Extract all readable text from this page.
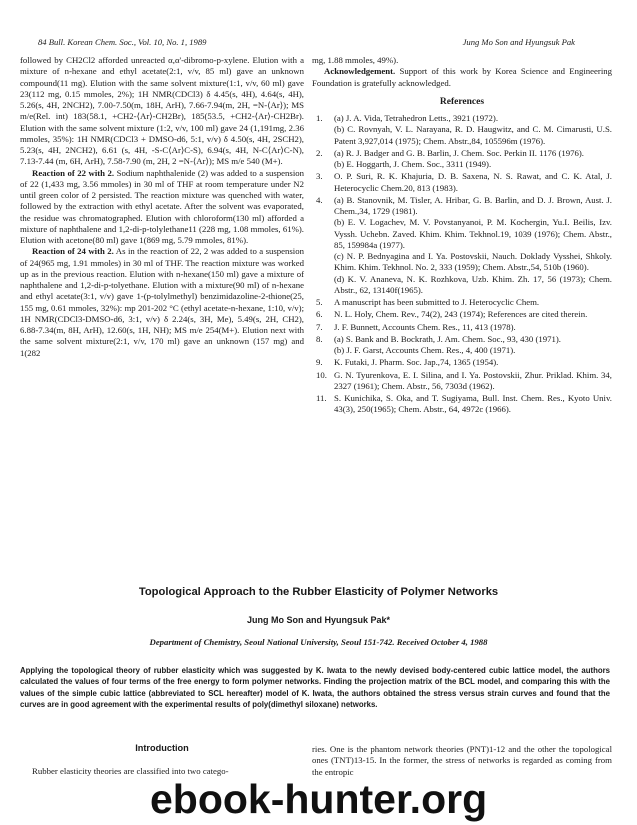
84 Bull. Korean Chem. Soc., Vol. 10, No. 1, 1989	Jung Mo Son and Hyungsuk Pak

followed by CH2Cl2 afforded unreacted α,α'-dibromo-p-xylene. Elution with a mixture of n-hexane and ethyl acetate(2:1, v/v, 85 ml) gave an unknown compound(11 mg). Elution with the same solvent mixture(1:1, v/v, 60 ml) gave 23(112 mg, 0.15 mmoles, 2%); 1H NMR(CDCl3) δ 4.45(s, 4H), 4.64(s, 4H), 5.26(s, 4H, 2NCH2), 7.00-7.50(m, 18H, ArH), 7.66-7.94(m, 2H, =N-⟨Ar⟩); MS m/e(Rel. int) 183(58.1, +CH2-⟨Ar⟩-CH2Br), 185(53.5, +CH2-⟨Ar⟩-CH2Br). Elution with the same solvent mixture (1:2, v/v, 100 ml) gave 24 (1,191mg, 2.36 mmoles, 35%): 1H NMR(CDCl3 + DMSO-d6, 5:1, v/v) δ 4.50(s, 4H, 2SCH2), 5.23(s, 4H, 2NCH2), 6.61 (s, 4H, -S-C⟨Ar⟩C-S), 6.94(s, 4H, N-C⟨Ar⟩C-N), 7.13-7.44 (m, 6H, ArH), 7.58-7.90 (m, 2H, 2 =N-⟨Ar⟩); MS m/e 540 (M+).

Reaction of 22 with 2. Sodium naphthalenide (2) was added to a suspension of 22 (1,433 mg, 3.56 mmoles) in 30 ml of THF at room temperature under N2 until green color of 2 persisted. The reaction mixture was quenched with water, followed by the extraction with ethyl acetate. After the solvent was evaporated, the residue was chromatographed. Elution with chloroform(130 ml) afforded a mixture of naphthalene and 1,2-di-p-tolylethane11 (228 mg, 1.08 mmoles, 61%). Elution with acetone(80 ml) gave 1(869 mg, 5.79 mmoles, 81%).

Reaction of 24 with 2. As in the reaction of 22, 2 was added to a suspension of 24(965 mg, 1.91 mmoles) in 30 ml of THF. The reaction mixture was worked up as in the previous reaction. Elution with n-hexane(150 ml) gave a mixture of naphthalene and 1,2-di-p-tolyethane. Elution with a mixture(90 ml) of n-hexane and ethyl acetate(3:1, v/v) gave 1-(p-tolylmethyl) benzimidazoline-2-thione(25, 155 mg, 0.61 mmoles, 32%): mp 201-202 °C (ethyl acetate-n-hexane, 1:10, v/v); 1H NMR(CDCl3-DMSO-d6, 3:1, v/v) δ 2.24(s, 3H, Me), 5.49(s, 2H, CH2), 6.88-7.34(m, 8H, ArH), 12.60(s, 1H, NH); MS m/e 254(M+). Elution next with the same solvent mixture(2:1, v/v, 170 ml) gave an unknown (157 mg) and 1(282

mg, 1.88 mmoles, 49%).

Acknowledgement. Support of this work by Korea Science and Engineering Foundation is gratefully acknowledged.

References
1. (a) J. A. Vida, Tetrahedron Letts., 3921 (1972).
(b) C. Rovnyah, V. L. Narayana, R. D. Haugwitz, and C. M. Cimarusti, U.S. Patent 3,927,014 (1975); Chem. Abstr.,84, 105596m (1976).
2. (a) R. J. Badger and G. B. Barlin, J. Chem. Soc. Perkin II. 1176 (1976).
(b) E. Hoggarth, J. Chem. Soc., 3311 (1949).
3. O. P. Suri, R. K. Khajuria, D. B. Saxena, N. S. Rawat, and C. K. Atal, J. Heterocyclic Chem.20, 813 (1983).
4. (a) B. Stanovnik, M. Tisler, A. Hribar, G. B. Barlin, and D. J. Brown, Aust. J. Chem.,34, 1729 (1981).
(b) E. V. Logachev, M. V. Povstanyanoi, P. M. Kochergin, Yu.I. Beilis, Izv. Vyssh. Uchebn. Zaved. Khim. Khim. Tekhnol.19, 1039 (1976); Chem. Abstr., 85, 159984a (1977).
(c) N. P. Bednyagina and I. Ya. Postovskii, Nauch. Doklady Vysshei, Shkoly. Khim. Khim. Tekhnol. No. 2, 333 (1959); Chem. Abstr.,54, 510b (1960).
(d) K. V. Ananeva, N. K. Rozhkova, Uzb. Khim. Zh. 17, 56 (1973); Chem. Abstr., 62, 13140f(1965).
5. A manuscript has been submitted to J. Heterocyclic Chem.
6. N. L. Holy, Chem. Rev., 74(2), 243 (1974); References are cited therein.
7. J. F. Bunnett, Accounts Chem. Res., 11, 413 (1978).
8. (a) S. Bank and B. Bockrath, J. Am. Chem. Soc., 93, 430 (1971).
(b) J. F. Garst, Accounts Chem. Res., 4, 400 (1971).
9. K. Futaki, J. Pharm. Soc. Jap.,74, 1365 (1954).
10. G. N. Tyurenkova, E. I. Silina, and I. Ya. Postovskii, Zhur. Priklad. Khim. 34, 2327 (1961); Chem. Abstr., 56, 7303d (1962).
11. S. Kunichika, S. Oka, and T. Sugiyama, Bull. Inst. Chem. Res., Kyoto Univ. 43(3), 250(1965); Chem. Abstr., 64, 4972c (1966).
Topological Approach to the Rubber Elasticity of Polymer Networks
Jung Mo Son and Hyungsuk Pak*
Department of Chemistry, Seoul National University, Seoul 151-742. Received October 4, 1988
Applying the topological theory of rubber elasticity which was suggested by K. Iwata to the newly devised body-centered cubic lattice model, the authors calculated the values of four terms of the free energy to form polymer networks. Finding the projection matrix of the BCL model, and comparing this with the values of the simple cubic lattice (abbreviated to SCL hereafter) model of K. Iwata, the authors obtained the stress versus strain curves and found that the curves are in good agreement with the experimental results of poly(dimethyl siloxane) networks.
Introduction
Rubber elasticity theories are classified into two catego-
ries. One is the phantom network theories (PNT)1-12 and the other the topological ones (TNT)13-15. In the former, the stress of networks is regarded as coming from the entropic
ebook-hunter.org
